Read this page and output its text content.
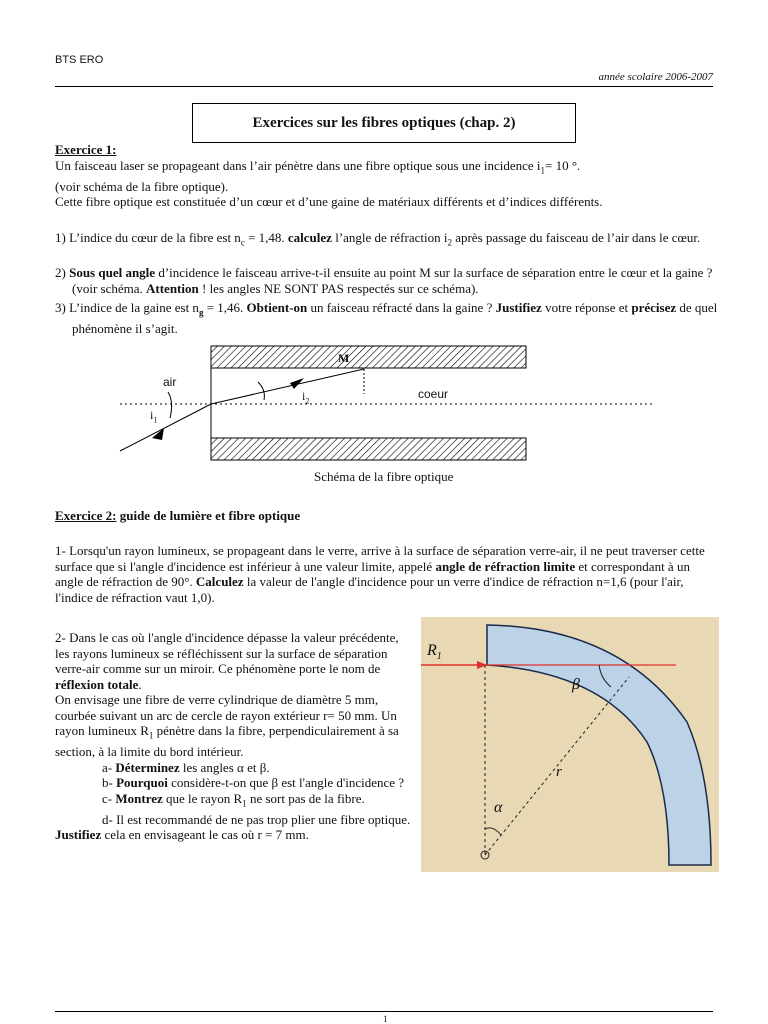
BTS ERO
année scolaire 2006-2007
Exercices sur les fibres optiques (chap. 2)
Exercice 1:
Un faisceau laser se propageant dans l’air pénètre dans une fibre optique sous une incidence $i_1= 10$ °.
(voir schéma de la fibre optique).
Cette fibre optique est constituée d’un cœur et d’une gaine de matériaux différents et d’indices différents.
1) L’indice du cœur de la fibre est $n_c = 1,48$. calculez l’angle de réfraction $i_2$ après passage du faisceau de l’air dans le cœur.
2) Sous quel angle d’incidence le faisceau arrive-t-il ensuite au point M sur la surface de séparation entre le cœur et la gaine ? (voir schéma. Attention ! les angles NE SONT PAS respectés sur ce schéma).
3) L’indice de la gaine est $n_g = 1,46$. Obtient-on un faisceau réfracté dans la gaine ? Justifiez votre réponse et précisez de quel phénomène il s’agit.
air
coeur
M
$i_1$
$i_2$
Schéma de la fibre optique
Exercice 2: guide de lumière et fibre optique
1- Lorsqu'un rayon lumineux, se propageant dans le verre, arrive à la surface de séparation verre-air, il ne peut traverser cette surface que si l'angle d'incidence est inférieur à une valeur limite, appelé angle de réfraction limite et correspondant à un angle de réfraction de 90°. Calculez la valeur de l'angle d'incidence pour un verre d'indice de réfraction n=1,6 (pour l'air, l'indice de réfraction vaut 1,0).
2- Dans le cas où l'angle d'incidence dépasse la valeur précédente, les rayons lumineux se réfléchissent sur la surface de séparation verre-air comme sur un miroir. Ce phénomène porte le nom de réflexion totale.
On envisage une fibre de verre cylindrique de diamètre 5 mm, courbée suivant un arc de cercle de rayon extérieur r= 50 mm. Un rayon lumineux $R_1$ pénètre dans la fibre, perpendiculairement à sa section, à la limite du bord intérieur.
a- Déterminez les angles α et β.
b- Pourquoi considère-t-on que β est l'angle d'incidence ?
c- Montrez que le rayon $R_1$ ne sort pas de la fibre.
d- Il est recommandé de ne pas trop plier une fibre optique. Justifiez cela en envisageant le cas où r = 7 mm.
$R_1$
β
r
α
1
